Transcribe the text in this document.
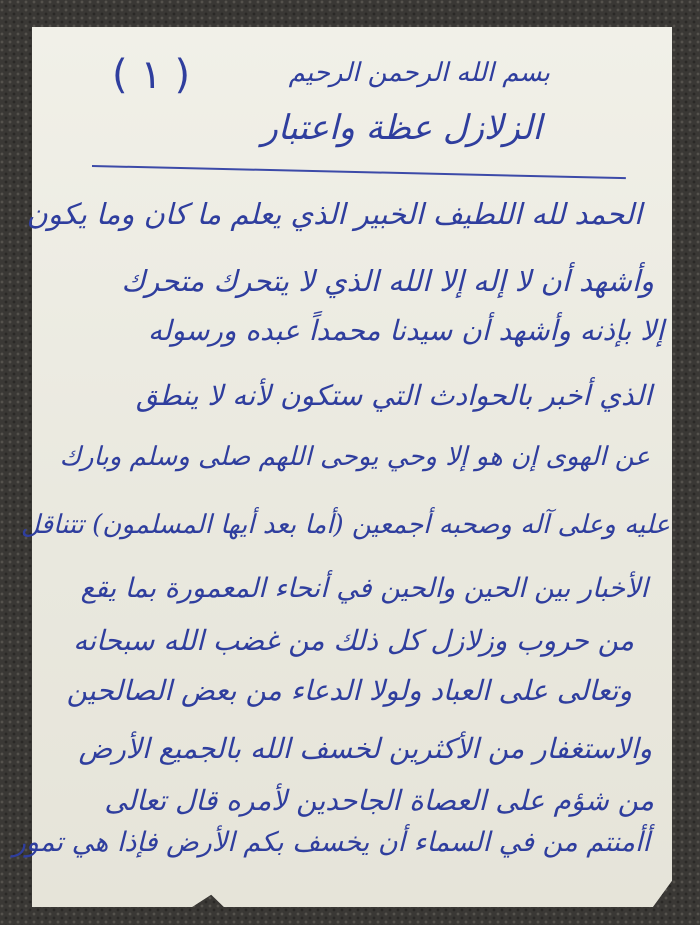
( ١ )	بسم الله الرحمن الرحيم
الزلازل عظة واعتبار
الحمد لله اللطيف الخبير الذي يعلم ما كان وما يكون
وأشهد أن لا إله إلا الله الذي لا يتحرك متحرك
إلا بإذنه وأشهد أن سيدنا محمداً عبده ورسوله
الذي أخبر بالحوادث التي ستكون لأنه لا ينطق
عن الهوى إن هو إلا وحي يوحى اللهم صلى وسلم وبارك
عليه وعلى آله وصحبه أجمعين (أما بعد أيها المسلمون) تتناقل
الأخبار بين الحين والحين في أنحاء المعمورة بما يقع
من حروب وزلازل كل ذلك من غضب الله سبحانه
وتعالى على العباد ولولا الدعاء من بعض الصالحين
والاستغفار من الأكثرين لخسف الله بالجميع الأرض
من شؤم على العصاة الجاحدين لأمره قال تعالى
أأمنتم من في السماء أن يخسف بكم الأرض فإذا هي تمور
